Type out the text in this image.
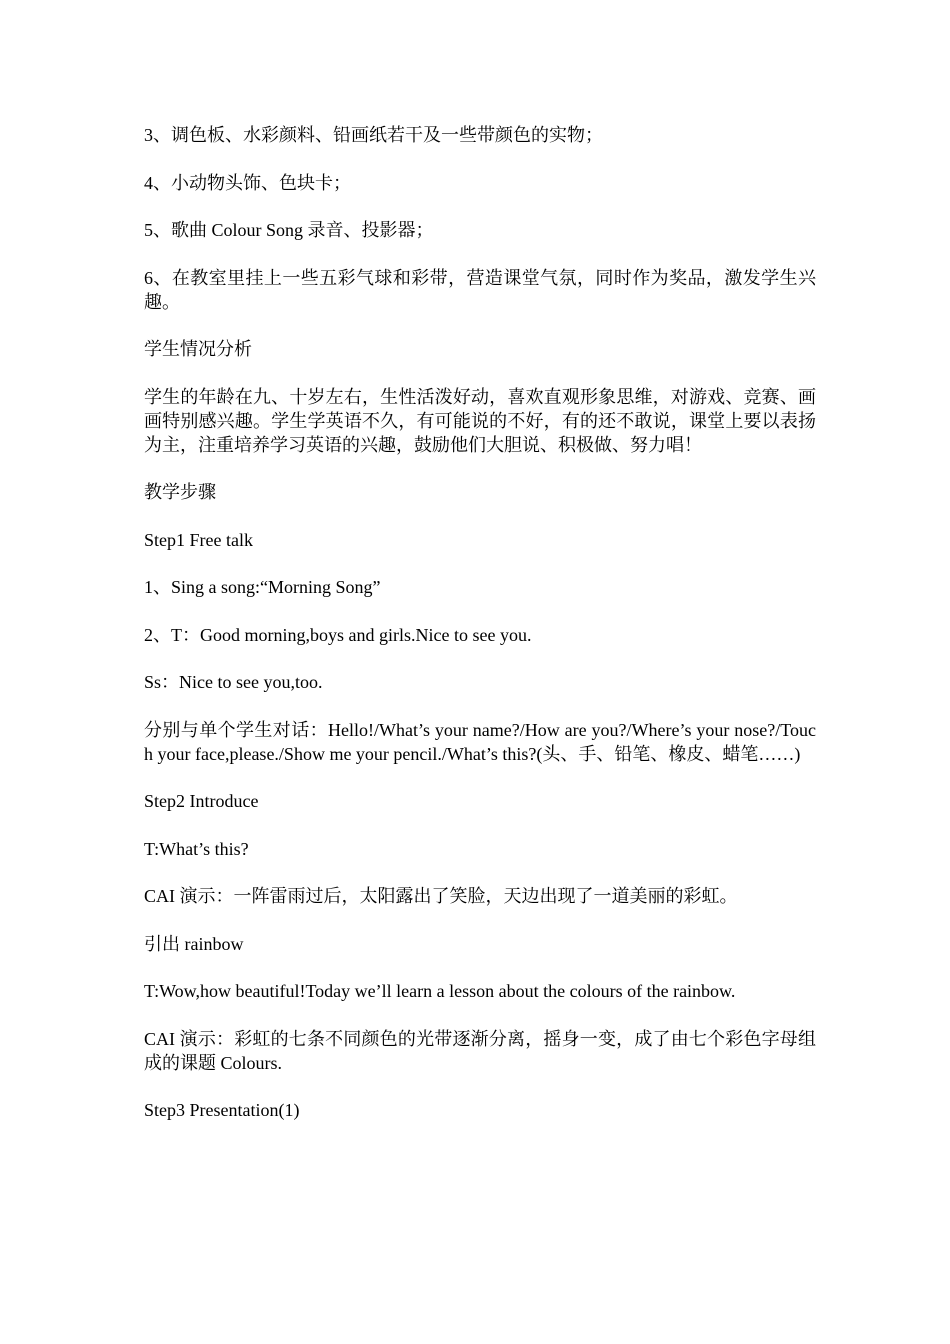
3、调色板、水彩颜料、铅画纸若干及一些带颜色的实物；

4、小动物头饰、色块卡；

5、歌曲 Colour Song 录音、投影器；

6、在教室里挂上一些五彩气球和彩带，营造课堂气氛，同时作为奖品，激发学生兴趣。

学生情况分析

学生的年龄在九、十岁左右，生性活泼好动，喜欢直观形象思维，对游戏、竞赛、画画特别感兴趣。学生学英语不久，有可能说的不好，有的还不敢说，课堂上要以表扬为主，注重培养学习英语的兴趣，鼓励他们大胆说、积极做、努力唱！

教学步骤

Step1 Free talk

1、Sing a song:“Morning Song”

2、T：Good morning,boys and girls.Nice to see you.

Ss：Nice to see you,too.

分别与单个学生对话：Hello!/What’s your name?/How are you?/Where’s your nose?/Touch your face,please./Show me your pencil./What’s this?(头、手、铅笔、橡皮、蜡笔……)

Step2 Introduce

T:What’s this?

CAI 演示：一阵雷雨过后，太阳露出了笑脸，天边出现了一道美丽的彩虹。

引出 rainbow

T:Wow,how beautiful!Today we’ll learn a lesson about the colours of the rainbow.

CAI 演示：彩虹的七条不同颜色的光带逐渐分离，摇身一变，成了由七个彩色字母组成的课题 Colours.

Step3 Presentation(1)
